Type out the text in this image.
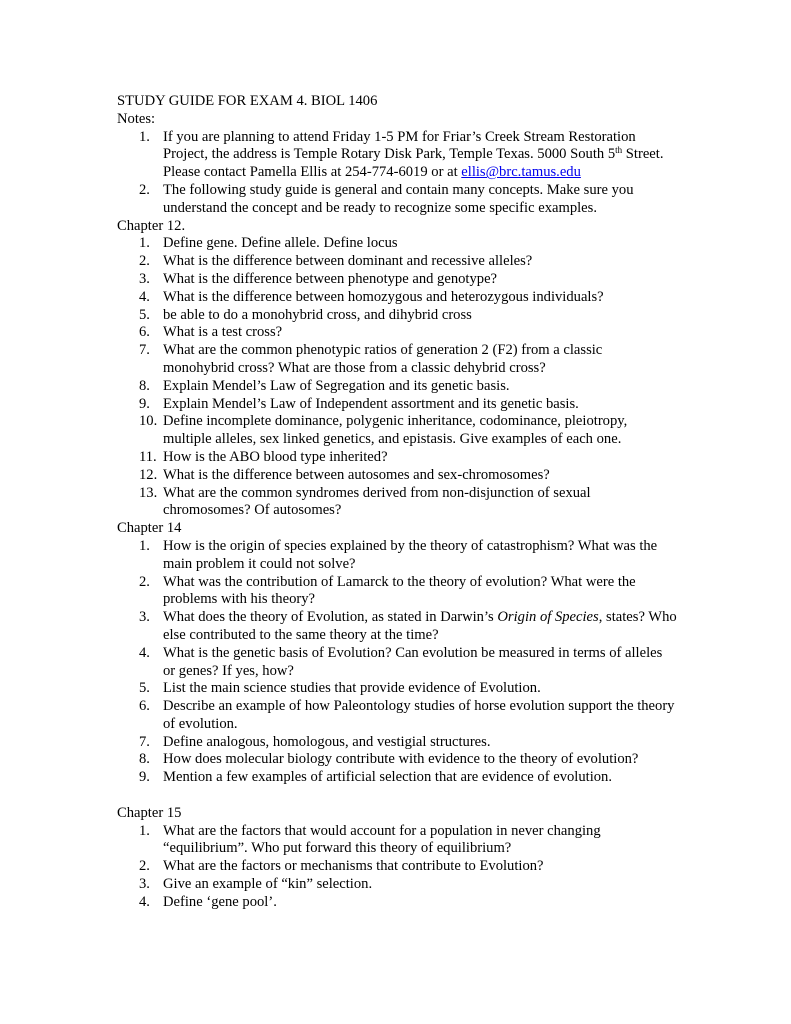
STUDY GUIDE FOR EXAM 4. BIOL 1406

Notes:

1. If you are planning to attend Friday 1-5 PM for Friar’s Creek Stream Restoration Project, the address is Temple Rotary Disk Park, Temple Texas. 5000 South 5th Street. Please contact Pamella Ellis at 254-774-6019 or at ellis@brc.tamus.edu
2. The following study guide is general and contain many concepts. Make sure you understand the concept and be ready to recognize some specific examples.

Chapter 12.

1. Define gene. Define allele. Define locus
2. What is the difference between dominant and recessive alleles?
3. What is the difference between phenotype and genotype?
4. What is the difference between homozygous and heterozygous individuals?
5. be able to do a monohybrid cross, and dihybrid cross
6. What is a test cross?
7. What are the common phenotypic ratios of generation 2 (F2) from a classic monohybrid cross? What are those from a classic dehybrid cross?
8. Explain Mendel’s Law of Segregation and its genetic basis.
9. Explain Mendel’s Law of Independent assortment and its genetic basis.
10. Define incomplete dominance, polygenic inheritance, codominance, pleiotropy, multiple alleles, sex linked genetics, and epistasis. Give examples of each one.
11. How is the ABO blood type inherited?
12. What is the difference between autosomes and sex-chromosomes?
13. What are the common syndromes derived from non-disjunction of sexual chromosomes? Of autosomes?

Chapter 14

1. How is the origin of species explained by the theory of catastrophism? What was the main problem it could not solve?
2. What was the contribution of Lamarck to the theory of evolution? What were the problems with his theory?
3. What does the theory of Evolution, as stated in Darwin’s Origin of Species, states? Who else contributed to the same theory at the time?
4. What is the genetic basis of Evolution? Can evolution be measured in terms of alleles or genes? If yes, how?
5. List the main science studies that provide evidence of Evolution.
6. Describe an example of how Paleontology studies of horse evolution support the theory of evolution.
7. Define analogous, homologous, and vestigial structures.
8. How does molecular biology contribute with evidence to the theory of evolution?
9. Mention a few examples of artificial selection that are evidence of evolution.

Chapter 15

1. What are the factors that would account for a population in never changing “equilibrium”. Who put forward this theory of equilibrium?
2. What are the factors or mechanisms that contribute to Evolution?
3. Give an example of “kin” selection.
4. Define ‘gene pool’.
